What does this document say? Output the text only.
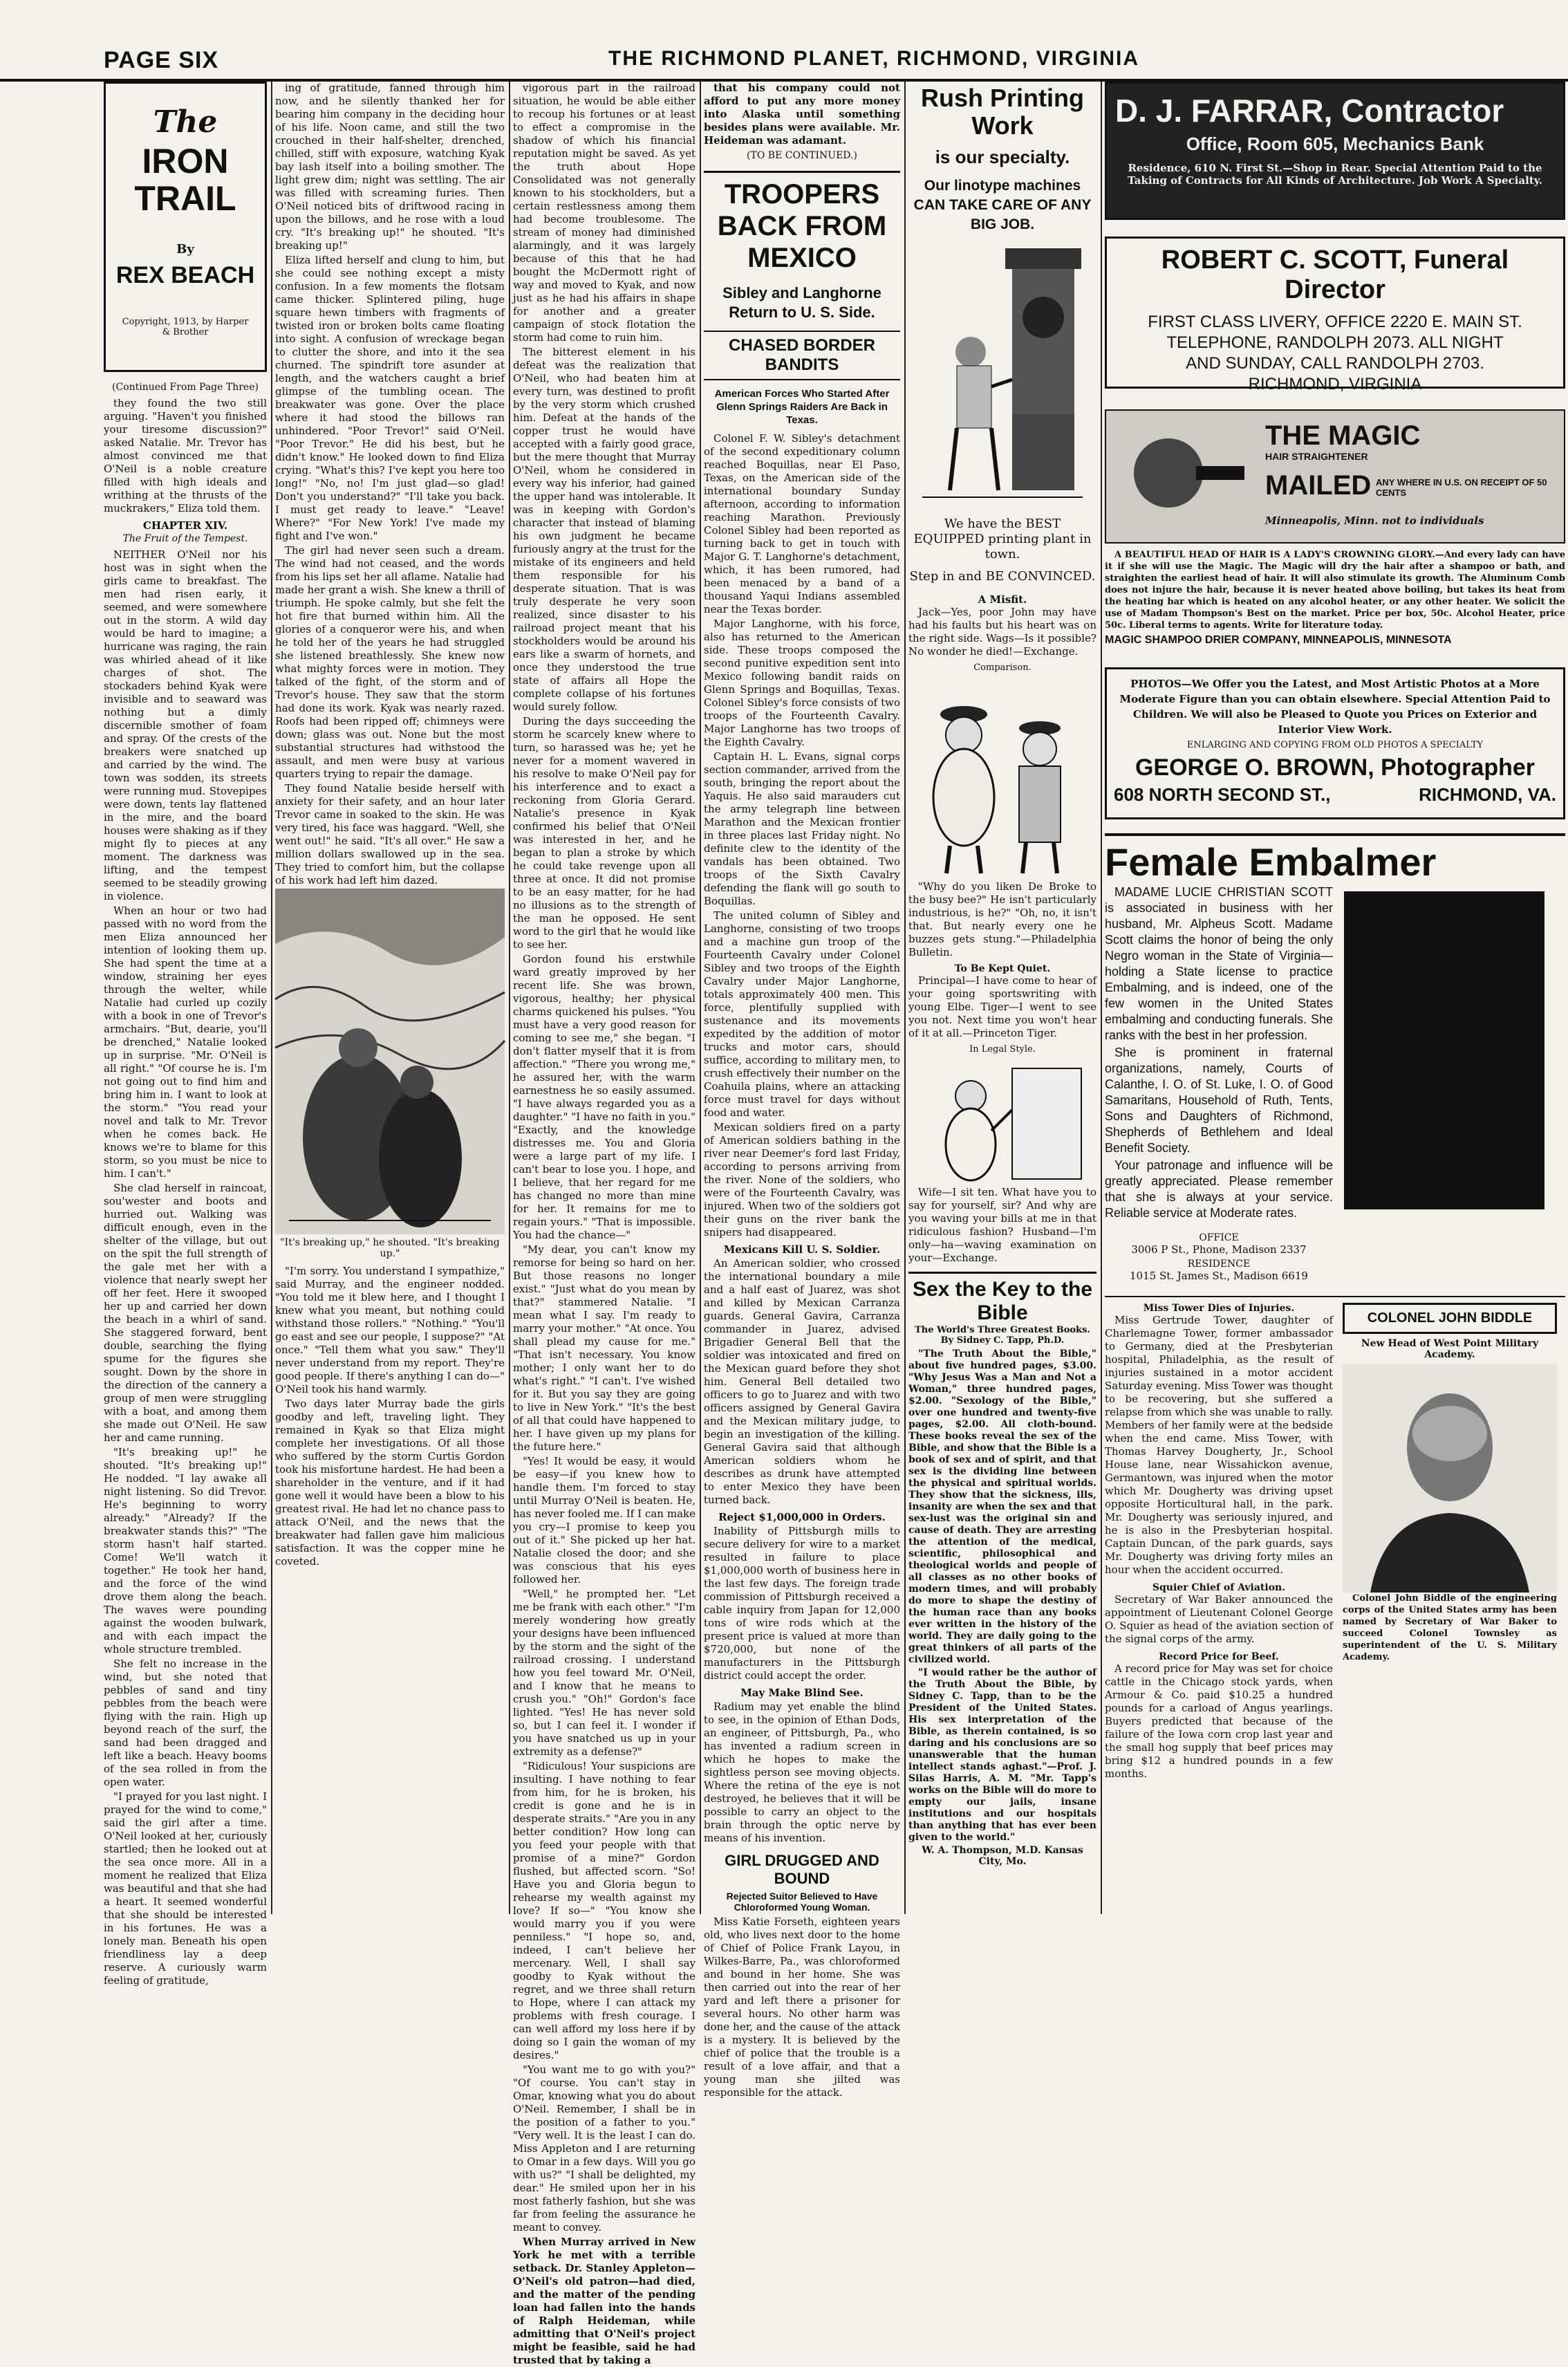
PAGE SIX	THE RICHMOND PLANET, RICHMOND, VIRGINIA
The
IRON TRAIL
By
REX BEACH
Copyright, 1913, by Harper & Brother
(Continued From Page Three)

they found the two still arguing. "Haven't you finished your tiresome discussion?" asked Natalie. Mr. Trevor has almost convinced me that O'Neil is a noble creature filled with high ideals and writhing at the thrusts of the muckrakers," Eliza told them.

CHAPTER XIV.
The Fruit of the Tempest.

NEITHER O'Neil nor his host was in sight when the girls came to breakfast. The men had risen early, it seemed, and were somewhere out in the storm. A wild day would be hard to imagine; a hurricane was raging, the rain was whirled ahead of it like charges of shot. The stockaders behind Kyak were invisible and to seaward was nothing but a dimly discernible smother of foam and spray. Of the crests of the breakers were snatched up and carried by the wind. The town was sodden, its streets were running mud. Stovepipes were down, tents lay flattened in the mire, and the board houses were shaking as if they might fly to pieces at any moment. The darkness was lifting, and the tempest seemed to be steadily growing in violence.

When an hour or two had passed with no word from the men Eliza announced her intention of looking them up. She had spent the time at a window, straining her eyes through the welter, while Natalie had curled up cozily with a book in one of Trevor's armchairs. "But, dearie, you'll be drenched," Natalie looked up in surprise. "Mr. O'Neil is all right." "Of course he is. I'm not going out to find him and bring him in. I want to look at the storm." "You read your novel and talk to Mr. Trevor when he comes back. He knows we're to blame for this storm, so you must be nice to him. I can't."

She clad herself in raincoat, sou'wester and boots and hurried out. Walking was difficult enough, even in the shelter of the village, but out on the spit the full strength of the gale met her with a violence that nearly swept her off her feet. Here it swooped her up and carried her down the beach in a whirl of sand. She staggered forward, bent double, searching the flying spume for the figures she sought. Down by the shore in the direction of the cannery a group of men were struggling with a boat, and among them she made out O'Neil. He saw her and came running.

"It's breaking up!" he shouted. "It's breaking up!" He nodded. "I lay awake all night listening. So did Trevor. He's beginning to worry already." "Already? If the breakwater stands this?" "The storm hasn't half started. Come! We'll watch it together." He took her hand, and the force of the wind drove them along the beach. The waves were pounding against the wooden bulwark, and with each impact the whole structure trembled.

She felt no increase in the wind, but she noted that pebbles of sand and tiny pebbles from the beach were flying with the rain. High up beyond reach of the surf, the sand had been dragged and left like a beach. Heavy booms of the sea rolled in from the open water.

"I prayed for you last night. I prayed for the wind to come," said the girl after a time. O'Neil looked at her, curiously startled; then he looked out at the sea once more. All in a moment he realized that Eliza was beautiful and that she had a heart. It seemed wonderful that she should be interested in his fortunes. He was a lonely man. Beneath his open friendliness lay a deep reserve. A curiously warm feeling of gratitude,

ing of gratitude, fanned through him now, and he silently thanked her for bearing him company in the deciding hour of his life. Noon came, and still the two crouched in their half-shelter, drenched, chilled, stiff with exposure, watching Kyak bay lash itself into a boiling smother. The light grew dim; night was settling. The air was filled with screaming furies. Then O'Neil noticed bits of driftwood racing in upon the billows, and he rose with a loud cry. "It's breaking up!" he shouted. "It's breaking up!"

Eliza lifted herself and clung to him, but she could see nothing except a misty confusion. In a few moments the flotsam came thicker. Splintered piling, huge square hewn timbers with fragments of twisted iron or broken bolts came floating into sight. A confusion of wreckage began to clutter the shore, and into it the sea churned. The spindrift tore asunder at length, and the watchers caught a brief glimpse of the tumbling ocean. The breakwater was gone. Over the place where it had stood the billows ran unhindered. "Poor Trevor!" said O'Neil. "Poor Trevor." He did his best, but he didn't know." He looked down to find Eliza crying. "What's this? I've kept you here too long!" "No, no! I'm just glad—so glad! Don't you understand?" "I'll take you back. I must get ready to leave." "Leave! Where?" "For New York! I've made my fight and I've won."

The girl had never seen such a dream. The wind had not ceased, and the words from his lips set her all aflame. Natalie had made her grant a wish. She knew a thrill of triumph. He spoke calmly, but she felt the hot fire that burned within him. All the glories of a conqueror were his, and when he told her of the years he had struggled she listened breathlessly. She knew now what mighty forces were in motion. They talked of the fight, of the storm and of Trevor's house. They saw that the storm had done its work. Kyak was nearly razed. Roofs had been ripped off; chimneys were down; glass was out. None but the most substantial structures had withstood the assault, and men were busy at various quarters trying to repair the damage.

They found Natalie beside herself with anxiety for their safety, and an hour later Trevor came in soaked to the skin. He was very tired, his face was haggard. "Well, she went out!" he said. "It's all over." He saw a million dollars swallowed up in the sea. They tried to comfort him, but the collapse of his work had left him dazed.

"It's breaking up," he shouted. "It's breaking up."

"I'm sorry. You understand I sympathize," said Murray, and the engineer nodded. "You told me it blew here, and I thought I knew what you meant, but nothing could withstand those rollers." "Nothing." "You'll go east and see our people, I suppose?" "At once." "Tell them what you saw." They'll never understand from my report. They're good people. If there's anything I can do—" O'Neil took his hand warmly.

Two days later Murray bade the girls goodby and left, traveling light. They remained in Kyak so that Eliza might complete her investigations. Of all those who suffered by the storm Curtis Gordon took his misfortune hardest. He had been a shareholder in the venture, and if it had gone well it would have been a blow to his greatest rival. He had let no chance pass to attack O'Neil, and the news that the breakwater had fallen gave him malicious satisfaction. It was the copper mine he coveted.

vigorous part in the railroad situation, he would be able either to recoup his fortunes or at least to effect a compromise in the shadow of which his financial reputation might be saved. As yet the truth about Hope Consolidated was not generally known to his stockholders, but a certain restlessness among them had become troublesome. The stream of money had diminished alarmingly, and it was largely because of this that he had bought the McDermott right of way and moved to Kyak, and now just as he had his affairs in shape for another and a greater campaign of stock flotation the storm had come to ruin him.

The bitterest element in his defeat was the realization that O'Neil, who had beaten him at every turn, was destined to profit by the very storm which crushed him. Defeat at the hands of the copper trust he would have accepted with a fairly good grace, but the mere thought that Murray O'Neil, whom he considered in every way his inferior, had gained the upper hand was intolerable. It was in keeping with Gordon's character that instead of blaming his own judgment he became furiously angry at the trust for the mistake of its engineers and held them responsible for his desperate situation. That is was truly desperate he very soon realized, since disaster to his railroad project meant that his stockholders would be around his ears like a swarm of hornets, and once they understood the true state of affairs all Hope the complete collapse of his fortunes would surely follow.

During the days succeeding the storm he scarcely knew where to turn, so harassed was he; yet he never for a moment wavered in his resolve to make O'Neil pay for his interference and to exact a reckoning from Gloria Gerard. Natalie's presence in Kyak confirmed his belief that O'Neil was interested in her, and he began to plan a stroke by which he could take revenge upon all three at once. It did not promise to be an easy matter, for he had no illusions as to the strength of the man he opposed. He sent word to the girl that he would like to see her.

Gordon found his erstwhile ward greatly improved by her recent life. She was brown, vigorous, healthy; her physical charms quickened his pulses. "You must have a very good reason for coming to see me," she began. "I don't flatter myself that it is from affection." "There you wrong me," he assured her, with the warm earnestness he so easily assumed. "I have always regarded you as a daughter." "I have no faith in you." "Exactly, and the knowledge distresses me. You and Gloria were a large part of my life. I can't bear to lose you. I hope, and I believe, that her regard for me has changed no more than mine for her. It remains for me to regain yours." "That is impossible. You had the chance—"

"My dear, you can't know my remorse for being so hard on her. But those reasons no longer exist." "Just what do you mean by that?" stammered Natalie. "I mean what I say. I'm ready to marry your mother." "At once. You shall plead my cause for me." "That isn't necessary. You know mother; I only want her to do what's right." "I can't. I've wished for it. But you say they are going to live in New York." "It's the best of all that could have happened to her. I have given up my plans for the future here."

"Yes! It would be easy, it would be easy—if you knew how to handle them. I'm forced to stay until Murray O'Neil is beaten. He, has never fooled me. If I can make you cry—I promise to keep you out of it." She picked up her hat. Natalie closed the door; and she was conscious that his eyes followed her.

"Well," he prompted her. "Let me be frank with each other." "I'm merely wondering how greatly your designs have been influenced by the storm and the sight of the railroad crossing. I understand how you feel toward Mr. O'Neil, and I know that he means to crush you." "Oh!" Gordon's face lighted. "Yes! He has never sold so, but I can feel it. I wonder if you have snatched us up in your extremity as a defense?"

"Ridiculous! Your suspicions are insulting. I have nothing to fear from him, for he is broken, his credit is gone and he is in desperate straits." "Are you in any better condition? How long can you feed your people with that promise of a mine?" Gordon flushed, but affected scorn. "So! Have you and Gloria begun to rehearse my wealth against my love? If so—" "You know she would marry you if you were penniless." "I hope so, and, indeed, I can't believe her mercenary. Well, I shall say goodby to Kyak without the regret, and we three shall return to Hope, where I can attack my problems with fresh courage. I can well afford my loss here if by doing so I gain the woman of my desires."

"You want me to go with you?" "Of course. You can't stay in Omar, knowing what you do about O'Neil. Remember, I shall be in the position of a father to you." "Very well. It is the least I can do. Miss Appleton and I are returning to Omar in a few days. Will you go with us?" "I shall be delighted, my dear." He smiled upon her in his most fatherly fashion, but she was far from feeling the assurance he meant to convey.

When Murray arrived in New York he met with a terrible setback. Dr. Stanley Appleton—O'Neil's old patron—had died, and the matter of the pending loan had fallen into the hands of Ralph Heideman, while admitting that O'Neil's project might be feasible, said he had trusted that by taking a

that his company could not afford to put any more money into Alaska until something besides plans were available. Mr. Heideman was adamant.

(TO BE CONTINUED.)
TROOPERS BACK FROM MEXICO
Sibley and Langhorne Return to U. S. Side.
CHASED BORDER BANDITS
American Forces Who Started After Glenn Springs Raiders Are Back in Texas.

Colonel F. W. Sibley's detachment of the second expeditionary column reached Boquillas, near El Paso, Texas, on the American side of the international boundary Sunday afternoon, according to information reaching Marathon. Previously Colonel Sibley had been reported as turning back to get in touch with Major G. T. Langhorne's detachment, which, it has been rumored, had been menaced by a band of a thousand Yaqui Indians assembled near the Texas border.

Major Langhorne, with his force, also has returned to the American side. These troops composed the second punitive expedition sent into Mexico following bandit raids on Glenn Springs and Boquillas, Texas. Colonel Sibley's force consists of two troops of the Fourteenth Cavalry. Major Langhorne has two troops of the Eighth Cavalry.

Captain H. L. Evans, signal corps section commander, arrived from the south, bringing the report about the Yaquis. He also said marauders cut the army telegraph line between Marathon and the Mexican frontier in three places last Friday night. No definite clew to the identity of the vandals has been obtained. Two troops of the Sixth Cavalry defending the flank will go south to Boquillas.

The united column of Sibley and Langhorne, consisting of two troops and a machine gun troop of the Fourteenth Cavalry under Colonel Sibley and two troops of the Eighth Cavalry under Major Langhorne, totals approximately 400 men. This force, plentifully supplied with sustenance and its movements expedited by the addition of motor trucks and motor cars, should suffice, according to military men, to crush effectively their number on the Coahuila plains, where an attacking force must travel for days without food and water.

Mexican soldiers fired on a party of American soldiers bathing in the river near Deemer's ford last Friday, according to persons arriving from the river. None of the soldiers, who were of the Fourteenth Cavalry, was injured. When two of the soldiers got their guns on the river bank the snipers had disappeared.

Mexicans Kill U. S. Soldier.

An American soldier, who crossed the international boundary a mile and a half east of Juarez, was shot and killed by Mexican Carranza guards. General Gavira, Carranza commander in Juarez, advised Brigadier General Bell that the soldier was intoxicated and fired on the Mexican guard before they shot him. General Bell detailed two officers to go to Juarez and with two officers assigned by General Gavira and the Mexican military judge, to begin an investigation of the killing. General Gavira said that although American soldiers whom he describes as drunk have attempted to enter Mexico they have been turned back.

Reject $1,000,000 in Orders.

Inability of Pittsburgh mills to secure delivery for wire to a market resulted in failure to place $1,000,000 worth of business here in the last few days. The foreign trade commission of Pittsburgh received a cable inquiry from Japan for 12,000 tons of wire rods which at the present price is valued at more than $720,000, but none of the manufacturers in the Pittsburgh district could accept the order.

May Make Blind See.

Radium may yet enable the blind to see, in the opinion of Ethan Dods, an engineer, of Pittsburgh, Pa., who has invented a radium screen in which he hopes to make the sightless person see moving objects. Where the retina of the eye is not destroyed, he believes that it will be possible to carry an object to the brain through the optic nerve by means of his invention.

GIRL DRUGGED AND BOUND
Rejected Suitor Believed to Have Chloroformed Young Woman.

Miss Katie Forseth, eighteen years old, who lives next door to the home of Chief of Police Frank Layou, in Wilkes-Barre, Pa., was chloroformed and bound in her home. She was then carried out into the rear of her yard and left there a prisoner for several hours. No other harm was done her, and the cause of the attack is a mystery. It is believed by the chief of police that the trouble is a result of a love affair, and that a young man she jilted was responsible for the attack.

Rush Printing Work
is our specialty.
Our linotype machines CAN TAKE CARE OF ANY BIG JOB.
We have the BEST EQUIPPED printing plant in town.
Step in and BE CONVINCED.
A Misfit.

Jack—Yes, poor John may have had his faults but his heart was on the right side. Wags—Is it possible? No wonder he died!—Exchange.

Comparison.

"Why do you liken De Broke to the busy bee?" He isn't particularly industrious, is he?" "Oh, no, it isn't that. But nearly every one he buzzes gets stung."—Philadelphia Bulletin.

To Be Kept Quiet.

Principal—I have come to hear of your going sportswriting with young Elbe. Tiger—I went to see you not. Next time you won't hear of it at all.—Princeton Tiger.

In Legal Style.

Wife—I sit ten. What have you to say for yourself, sir? And why are you waving your bills at me in that ridiculous fashion? Husband—I'm only—ha—waving examination on your—Exchange.

Sex the Key to the Bible
The World's Three Greatest Books. By Sidney C. Tapp, Ph.D.

"The Truth About the Bible," about five hundred pages, $3.00. "Why Jesus Was a Man and Not a Woman," three hundred pages, $2.00. "Sexology of the Bible," over one hundred and twenty-five pages, $2.00. All cloth-bound. These books reveal the sex of the Bible, and show that the Bible is a book of sex and of spirit, and that sex is the dividing line between the physical and spiritual worlds. They show that the sickness, ills, insanity are when the sex and that sex-lust was the original sin and cause of death. They are arresting the attention of the medical, scientific, philosophical and theological worlds and people of all classes as no other books of modern times, and will probably do more to shape the destiny of the human race than any books ever written in the history of the world. They are daily going to the great thinkers of all parts of the civilized world.

"I would rather be the author of the Truth About the Bible, by Sidney C. Tapp, than to be the President of the United States. His sex interpretation of the Bible, as therein contained, is so daring and his conclusions are so unanswerable that the human intellect stands aghast."—Prof. J. Silas Harris, A. M. "Mr. Tapp's works on the Bible will do more to empty our jails, insane institutions and our hospitals than anything that has ever been given to the world."

W. A. Thompson, M.D. Kansas City, Mo.
D. J. FARRAR, Contractor
Office, Room 605, Mechanics Bank
Residence, 610 N. First St.—Shop in Rear. Special Attention Paid to the Taking of Contracts for All Kinds of Architecture. Job Work A Specialty.
ROBERT C. SCOTT, Funeral Director
FIRST CLASS LIVERY, OFFICE 2220 E. MAIN ST.
TELEPHONE, RANDOLPH 2073. ALL NIGHT
AND SUNDAY, CALL RANDOLPH 2703.
RICHMOND, VIRGINIA
THE MAGIC
HAIR STRAIGHTENER
MAILED ANY WHERE IN U.S. ON RECEIPT OF 50 CENTS
Minneapolis, Minn. not to individuals

A BEAUTIFUL HEAD OF HAIR IS A LADY'S CROWNING GLORY.—And every lady can have it if she will use the Magic. The Magic will dry the hair after a shampoo or bath, and straighten the earliest head of hair. It will also stimulate its growth. The Aluminum Comb does not injure the hair, because it is never heated above boiling, but takes its heat from the heating bar which is heated on any alcohol heater, or any other heater. We solicit the use of Madam Thompson's Best on the market. Price per box, 50c. Alcohol Heater, price 50c. Liberal terms to agents. Write for literature today.

MAGIC SHAMPOO DRIER COMPANY, MINNEAPOLIS, MINNESOTA
PHOTOS—We Offer you the Latest, and Most Artistic Photos at a More Moderate Figure than you can obtain elsewhere. Special Attention Paid to Children. We will also be Pleased to Quote you Prices on Exterior and Interior View Work.
ENLARGING AND COPYING FROM OLD PHOTOS A SPECIALTY
GEORGE O. BROWN, Photographer
608 NORTH SECOND ST.,	RICHMOND, VA.
Female Embalmer

MADAME LUCIE CHRISTIAN SCOTT is associated in business with her husband, Mr. Alpheus Scott. Madame Scott claims the honor of being the only Negro woman in the State of Virginia—holding a State license to practice Embalming, and is indeed, one of the few women in the United States embalming and conducting funerals. She ranks with the best in her profession.

She is prominent in fraternal organizations, namely, Courts of Calanthe, I. O. of St. Luke, I. O. of Good Samaritans, Household of Ruth, Tents, Sons and Daughters of Richmond, Shepherds of Bethlehem and Ideal Benefit Society.

Your patronage and influence will be greatly appreciated. Please remember that she is always at your service. Reliable service at Moderate rates.

OFFICE
3006 P St., Phone, Madison 2337
RESIDENCE
1015 St. James St., Madison 6619
Miss Tower Dies of Injuries.

Miss Gertrude Tower, daughter of Charlemagne Tower, former ambassador to Germany, died at the Presbyterian hospital, Philadelphia, as the result of injuries sustained in a motor accident Saturday evening. Miss Tower was thought to be recovering, but she suffered a relapse from which she was unable to rally. Members of her family were at the bedside when the end came. Miss Tower, with Thomas Harvey Dougherty, Jr., School House lane, near Wissahickon avenue, Germantown, was injured when the motor which Mr. Dougherty was driving upset opposite Horticultural hall, in the park. Mr. Dougherty was seriously injured, and he is also in the Presbyterian hospital. Captain Duncan, of the park guards, says Mr. Dougherty was driving forty miles an hour when the accident occurred.

Squier Chief of Aviation.

Secretary of War Baker announced the appointment of Lieutenant Colonel George O. Squier as head of the aviation section of the signal corps of the army.

Record Price for Beef.

A record price for May was set for choice cattle in the Chicago stock yards, when Armour & Co. paid $10.25 a hundred pounds for a carload of Angus yearlings. Buyers predicted that because of the failure of the Iowa corn crop last year and the small hog supply that beef prices may bring $12 a hundred pounds in a few months.

COLONEL JOHN BIDDLE
New Head of West Point Military Academy.

Colonel John Biddle of the engineering corps of the United States army has been named by Secretary of War Baker to succeed Colonel Townsley as superintendent of the U. S. Military Academy.
